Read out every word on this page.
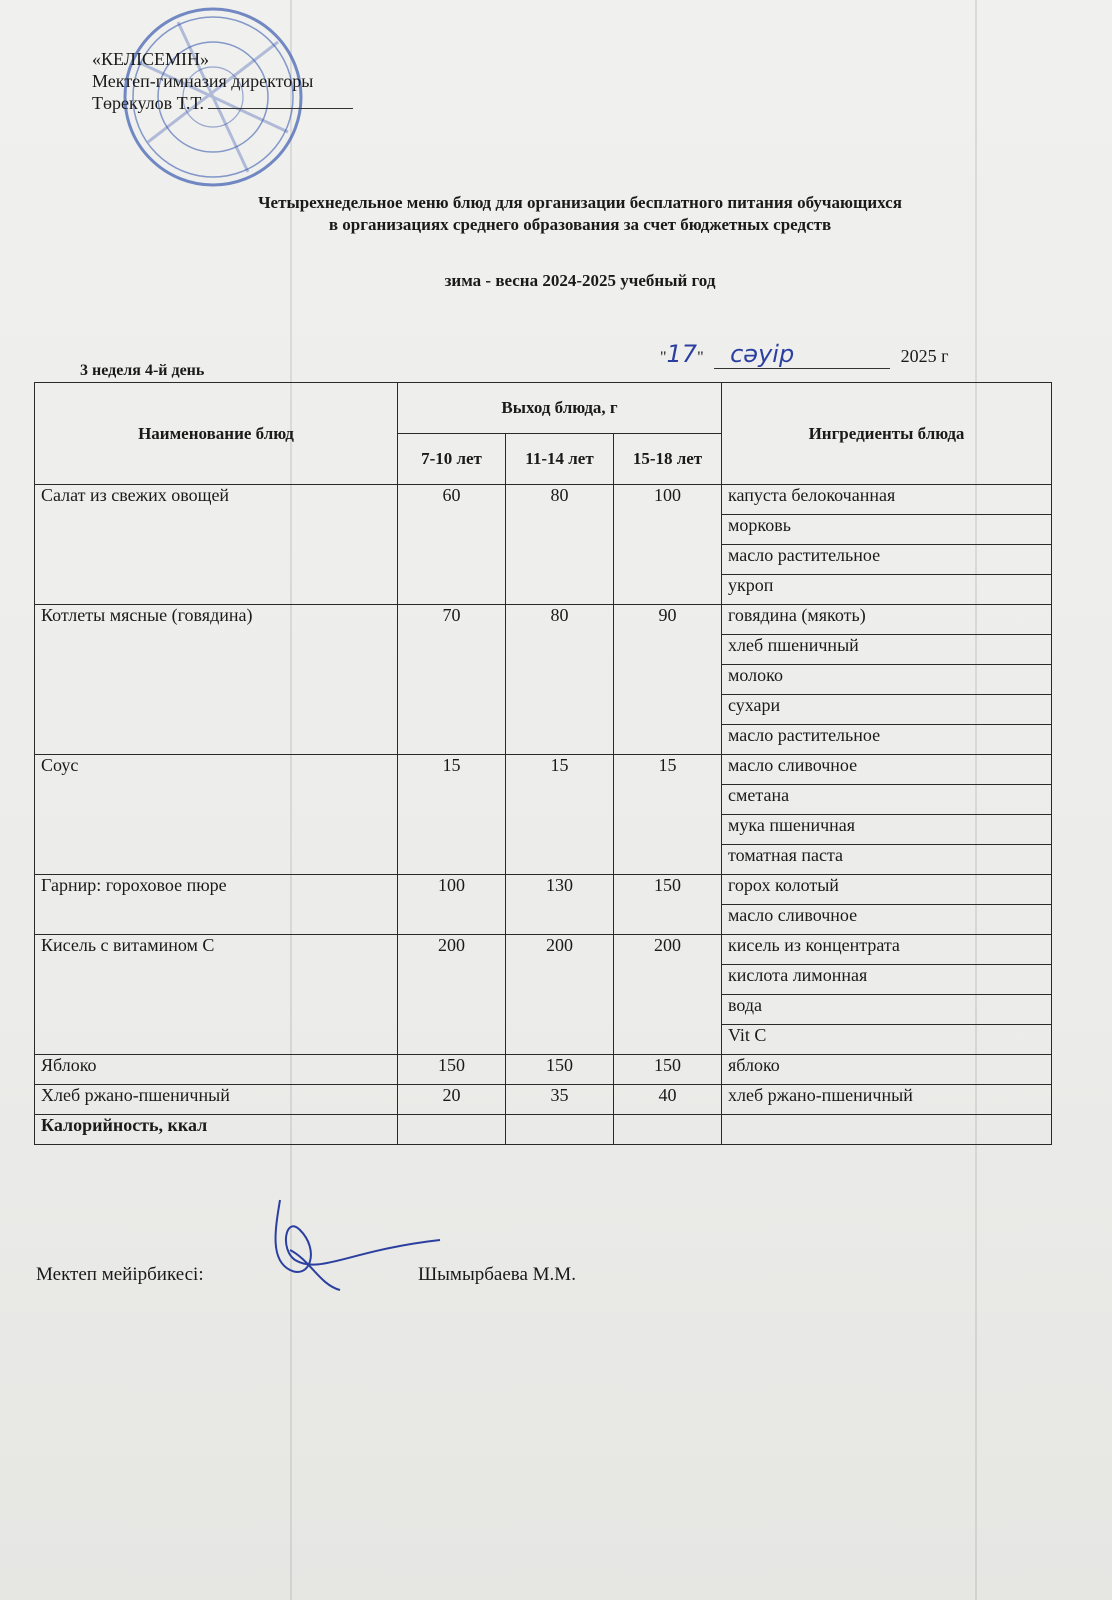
«КЕЛІСЕМІН»
Мектеп-гимназия директоры
Төрекулов Т.Т.
Четырехнедельное меню блюд для организации бесплатного питания обучающихся
в организациях среднего образования за счет бюджетных средств
зима - весна 2024-2025 учебный год
3 неделя 4-й день
"17" сәуір	2025 г
Наименование блюд	Выход блюда, г			Ингредиенты блюда
	7-10 лет	11-14 лет	15-18 лет	
Салат из свежих овощей	60	80	100	капуста белокочанная
				морковь
				масло растительное
				укроп
Котлеты мясные (говядина)	70	80	90	говядина (мякоть)
				хлеб пшеничный
				молоко
				сухари
				масло растительное
Соус	15	15	15	масло сливочное
				сметана
				мука пшеничная
				томатная паста
Гарнир: гороховое пюре	100	130	150	горох колотый
				масло сливочное
Кисель с витамином С	200	200	200	кисель из концентрата
				кислота лимонная
				вода
				Vit C
Яблоко	150	150	150	яблоко
Хлеб ржано-пшеничный	20	35	40	хлеб ржано-пшеничный
Калорийность, ккал				
Мектеп мейірбикесі:	Шымырбаева М.М.
